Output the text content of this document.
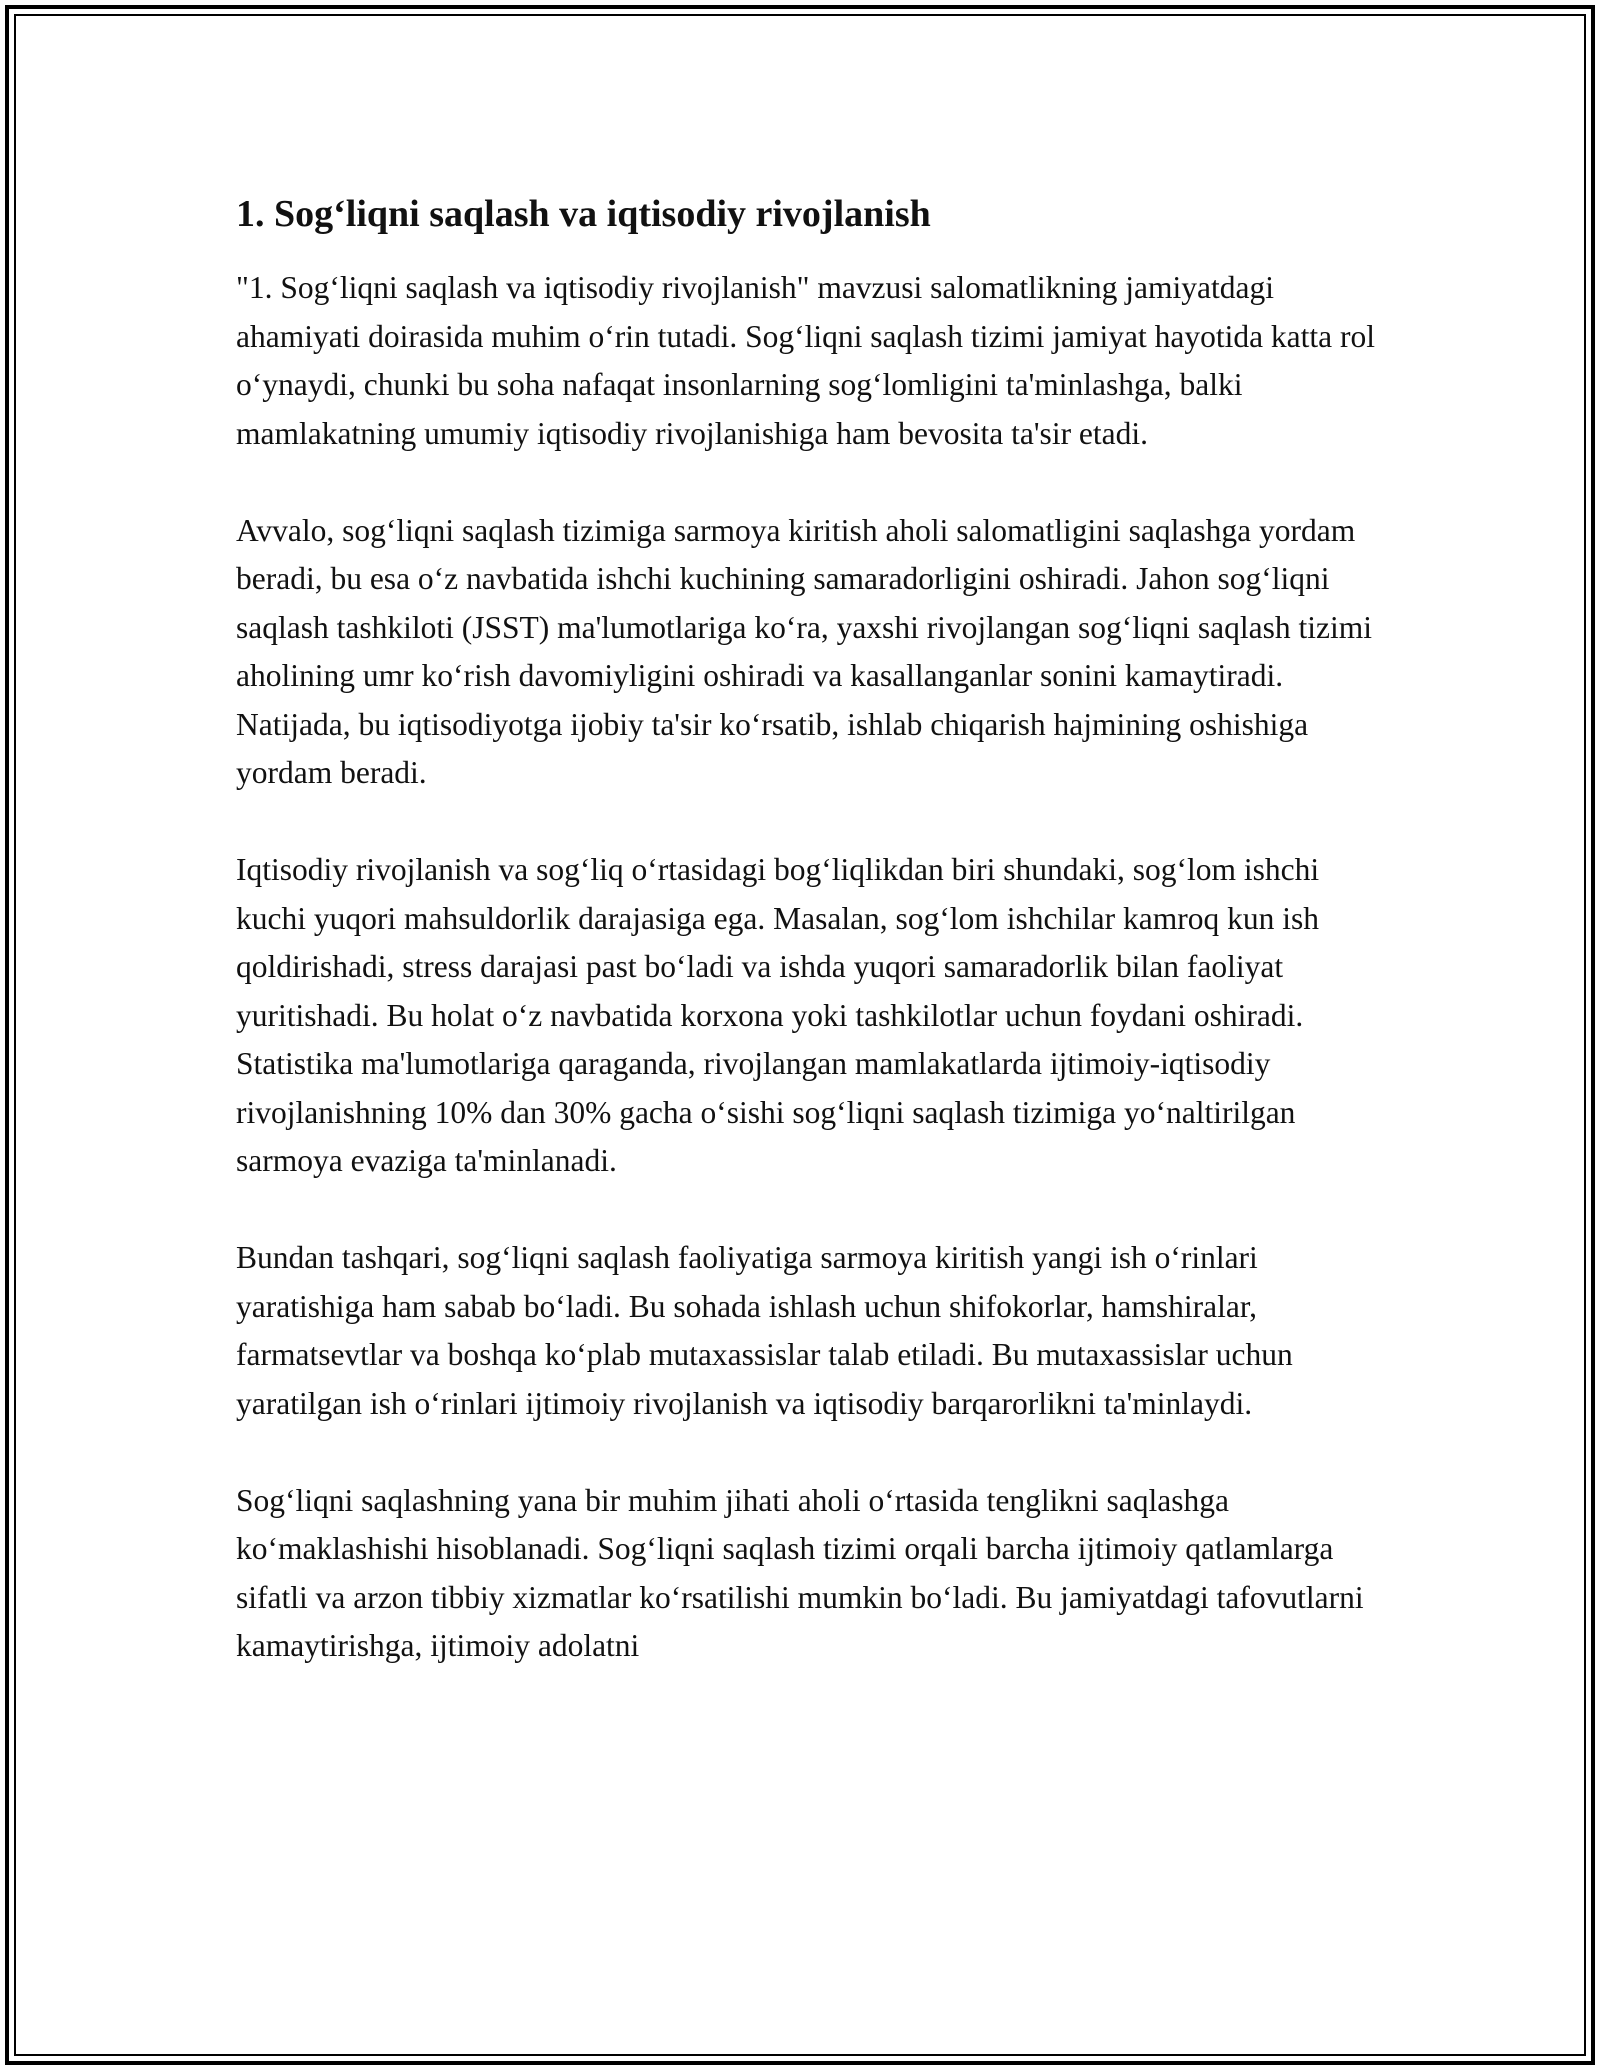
1. Sog‘liqni saqlash va iqtisodiy rivojlanish

"1. Sog‘liqni saqlash va iqtisodiy rivojlanish" mavzusi salomatlikning jamiyatdagi ahamiyati doirasida muhim o‘rin tutadi. Sog‘liqni saqlash tizimi jamiyat hayotida katta rol o‘ynaydi, chunki bu soha nafaqat insonlarning sog‘lomligini ta'minlashga, balki mamlakatning umumiy iqtisodiy rivojlanishiga ham bevosita ta'sir etadi.

Avvalo, sog‘liqni saqlash tizimiga sarmoya kiritish aholi salomatligini saqlashga yordam beradi, bu esa o‘z navbatida ishchi kuchining samaradorligini oshiradi. Jahon sog‘liqni saqlash tashkiloti (JSST) ma'lumotlariga ko‘ra, yaxshi rivojlangan sog‘liqni saqlash tizimi aholining umr ko‘rish davomiyligini oshiradi va kasallanganlar sonini kamaytiradi. Natijada, bu iqtisodiyotga ijobiy ta'sir ko‘rsatib, ishlab chiqarish hajmining oshishiga yordam beradi.

Iqtisodiy rivojlanish va sog‘liq o‘rtasidagi bog‘liqlikdan biri shundaki, sog‘lom ishchi kuchi yuqori mahsuldorlik darajasiga ega. Masalan, sog‘lom ishchilar kamroq kun ish qoldirishadi, stress darajasi past bo‘ladi va ishda yuqori samaradorlik bilan faoliyat yuritishadi. Bu holat o‘z navbatida korxona yoki tashkilotlar uchun foydani oshiradi. Statistika ma'lumotlariga qaraganda, rivojlangan mamlakatlarda ijtimoiy-iqtisodiy rivojlanishning 10% dan 30% gacha o‘sishi sog‘liqni saqlash tizimiga yo‘naltirilgan sarmoya evaziga ta'minlanadi.

Bundan tashqari, sog‘liqni saqlash faoliyatiga sarmoya kiritish yangi ish o‘rinlari yaratishiga ham sabab bo‘ladi. Bu sohada ishlash uchun shifokorlar, hamshiralar, farmatsevtlar va boshqa ko‘plab mutaxassislar talab etiladi. Bu mutaxassislar uchun yaratilgan ish o‘rinlari ijtimoiy rivojlanish va iqtisodiy barqarorlikni ta'minlaydi.

Sog‘liqni saqlashning yana bir muhim jihati aholi o‘rtasida tenglikni saqlashga ko‘maklashishi hisoblanadi. Sog‘liqni saqlash tizimi orqali barcha ijtimoiy qatlamlarga sifatli va arzon tibbiy xizmatlar ko‘rsatilishi mumkin bo‘ladi. Bu jamiyatdagi tafovutlarni kamaytirishga, ijtimoiy adolatni
